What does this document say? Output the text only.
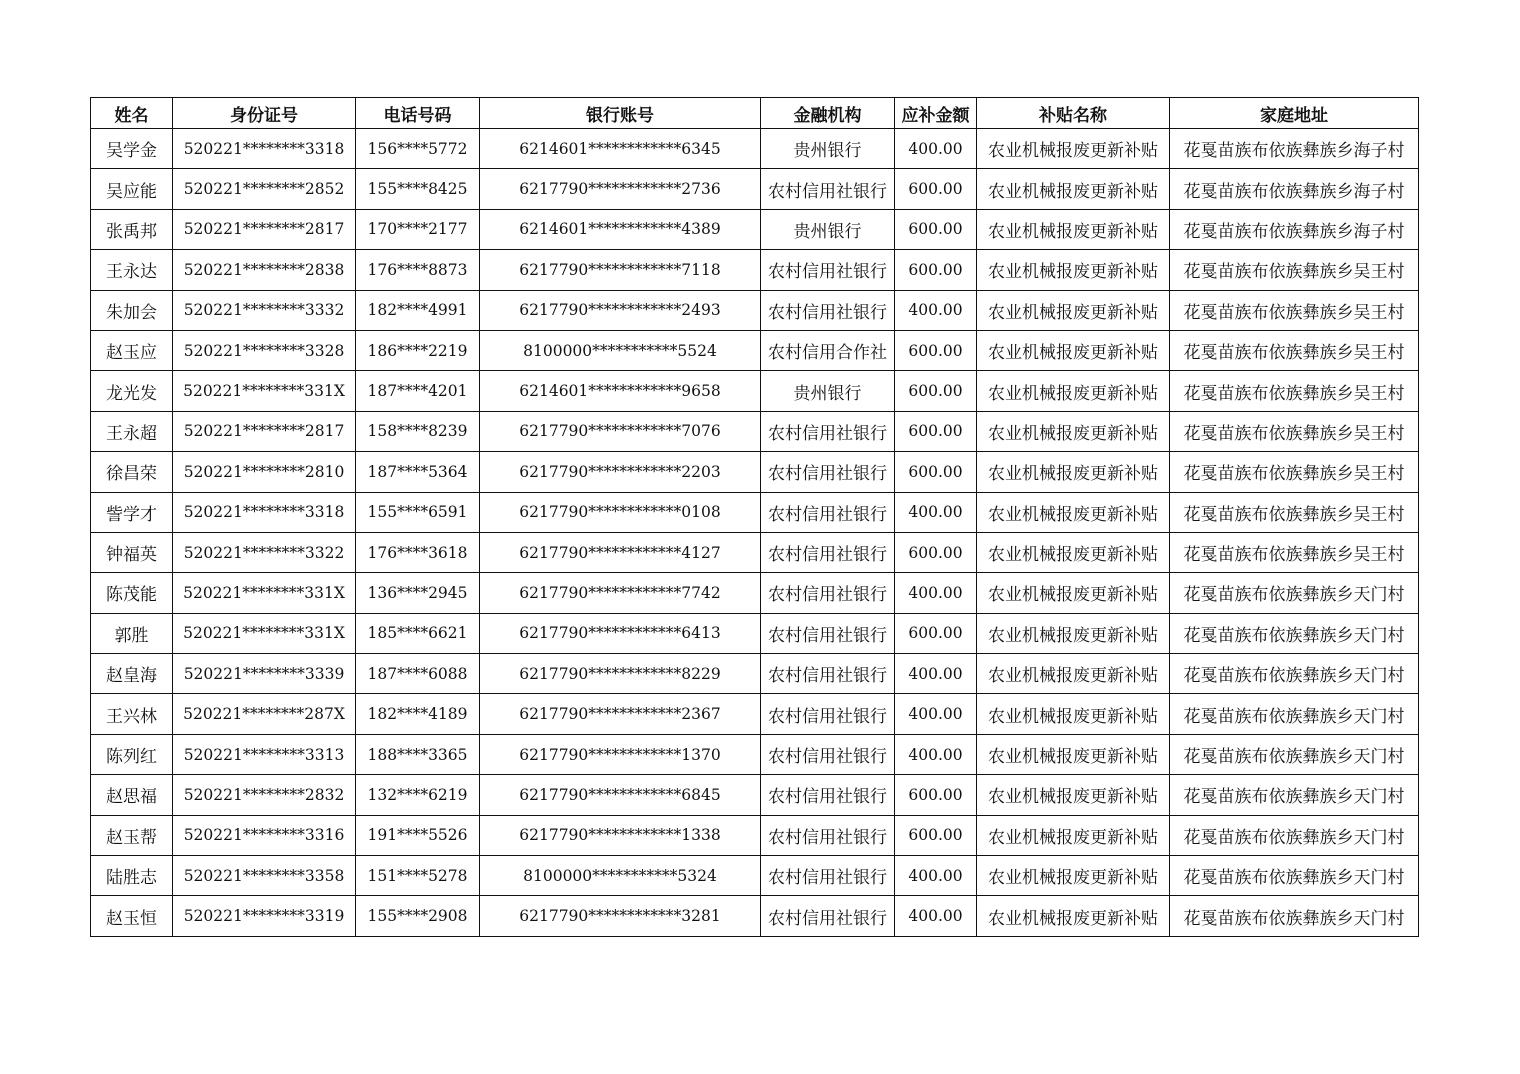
姓名	身份证号	电话号码	银行账号	金融机构	应补金额	补贴名称	家庭地址
吴学金	520221********3318	156****5772	6214601************6345	贵州银行	400.00	农业机械报废更新补贴	花戛苗族布依族彝族乡海子村
吴应能	520221********2852	155****8425	6217790************2736	农村信用社银行	600.00	农业机械报废更新补贴	花戛苗族布依族彝族乡海子村
张禹邦	520221********2817	170****2177	6214601************4389	贵州银行	600.00	农业机械报废更新补贴	花戛苗族布依族彝族乡海子村
王永达	520221********2838	176****8873	6217790************7118	农村信用社银行	600.00	农业机械报废更新补贴	花戛苗族布依族彝族乡吴王村
朱加会	520221********3332	182****4991	6217790************2493	农村信用社银行	400.00	农业机械报废更新补贴	花戛苗族布依族彝族乡吴王村
赵玉应	520221********3328	186****2219	8100000***********5524	农村信用合作社	600.00	农业机械报废更新补贴	花戛苗族布依族彝族乡吴王村
龙光发	520221********331X	187****4201	6214601************9658	贵州银行	600.00	农业机械报废更新补贴	花戛苗族布依族彝族乡吴王村
王永超	520221********2817	158****8239	6217790************7076	农村信用社银行	600.00	农业机械报废更新补贴	花戛苗族布依族彝族乡吴王村
徐昌荣	520221********2810	187****5364	6217790************2203	农村信用社银行	600.00	农业机械报废更新补贴	花戛苗族布依族彝族乡吴王村
訾学才	520221********3318	155****6591	6217790************0108	农村信用社银行	400.00	农业机械报废更新补贴	花戛苗族布依族彝族乡吴王村
钟福英	520221********3322	176****3618	6217790************4127	农村信用社银行	600.00	农业机械报废更新补贴	花戛苗族布依族彝族乡吴王村
陈茂能	520221********331X	136****2945	6217790************7742	农村信用社银行	400.00	农业机械报废更新补贴	花戛苗族布依族彝族乡天门村
郭胜	520221********331X	185****6621	6217790************6413	农村信用社银行	600.00	农业机械报废更新补贴	花戛苗族布依族彝族乡天门村
赵皇海	520221********3339	187****6088	6217790************8229	农村信用社银行	400.00	农业机械报废更新补贴	花戛苗族布依族彝族乡天门村
王兴林	520221********287X	182****4189	6217790************2367	农村信用社银行	400.00	农业机械报废更新补贴	花戛苗族布依族彝族乡天门村
陈列红	520221********3313	188****3365	6217790************1370	农村信用社银行	400.00	农业机械报废更新补贴	花戛苗族布依族彝族乡天门村
赵思福	520221********2832	132****6219	6217790************6845	农村信用社银行	600.00	农业机械报废更新补贴	花戛苗族布依族彝族乡天门村
赵玉帮	520221********3316	191****5526	6217790************1338	农村信用社银行	600.00	农业机械报废更新补贴	花戛苗族布依族彝族乡天门村
陆胜志	520221********3358	151****5278	8100000***********5324	农村信用社银行	400.00	农业机械报废更新补贴	花戛苗族布依族彝族乡天门村
赵玉恒	520221********3319	155****2908	6217790************3281	农村信用社银行	400.00	农业机械报废更新补贴	花戛苗族布依族彝族乡天门村
